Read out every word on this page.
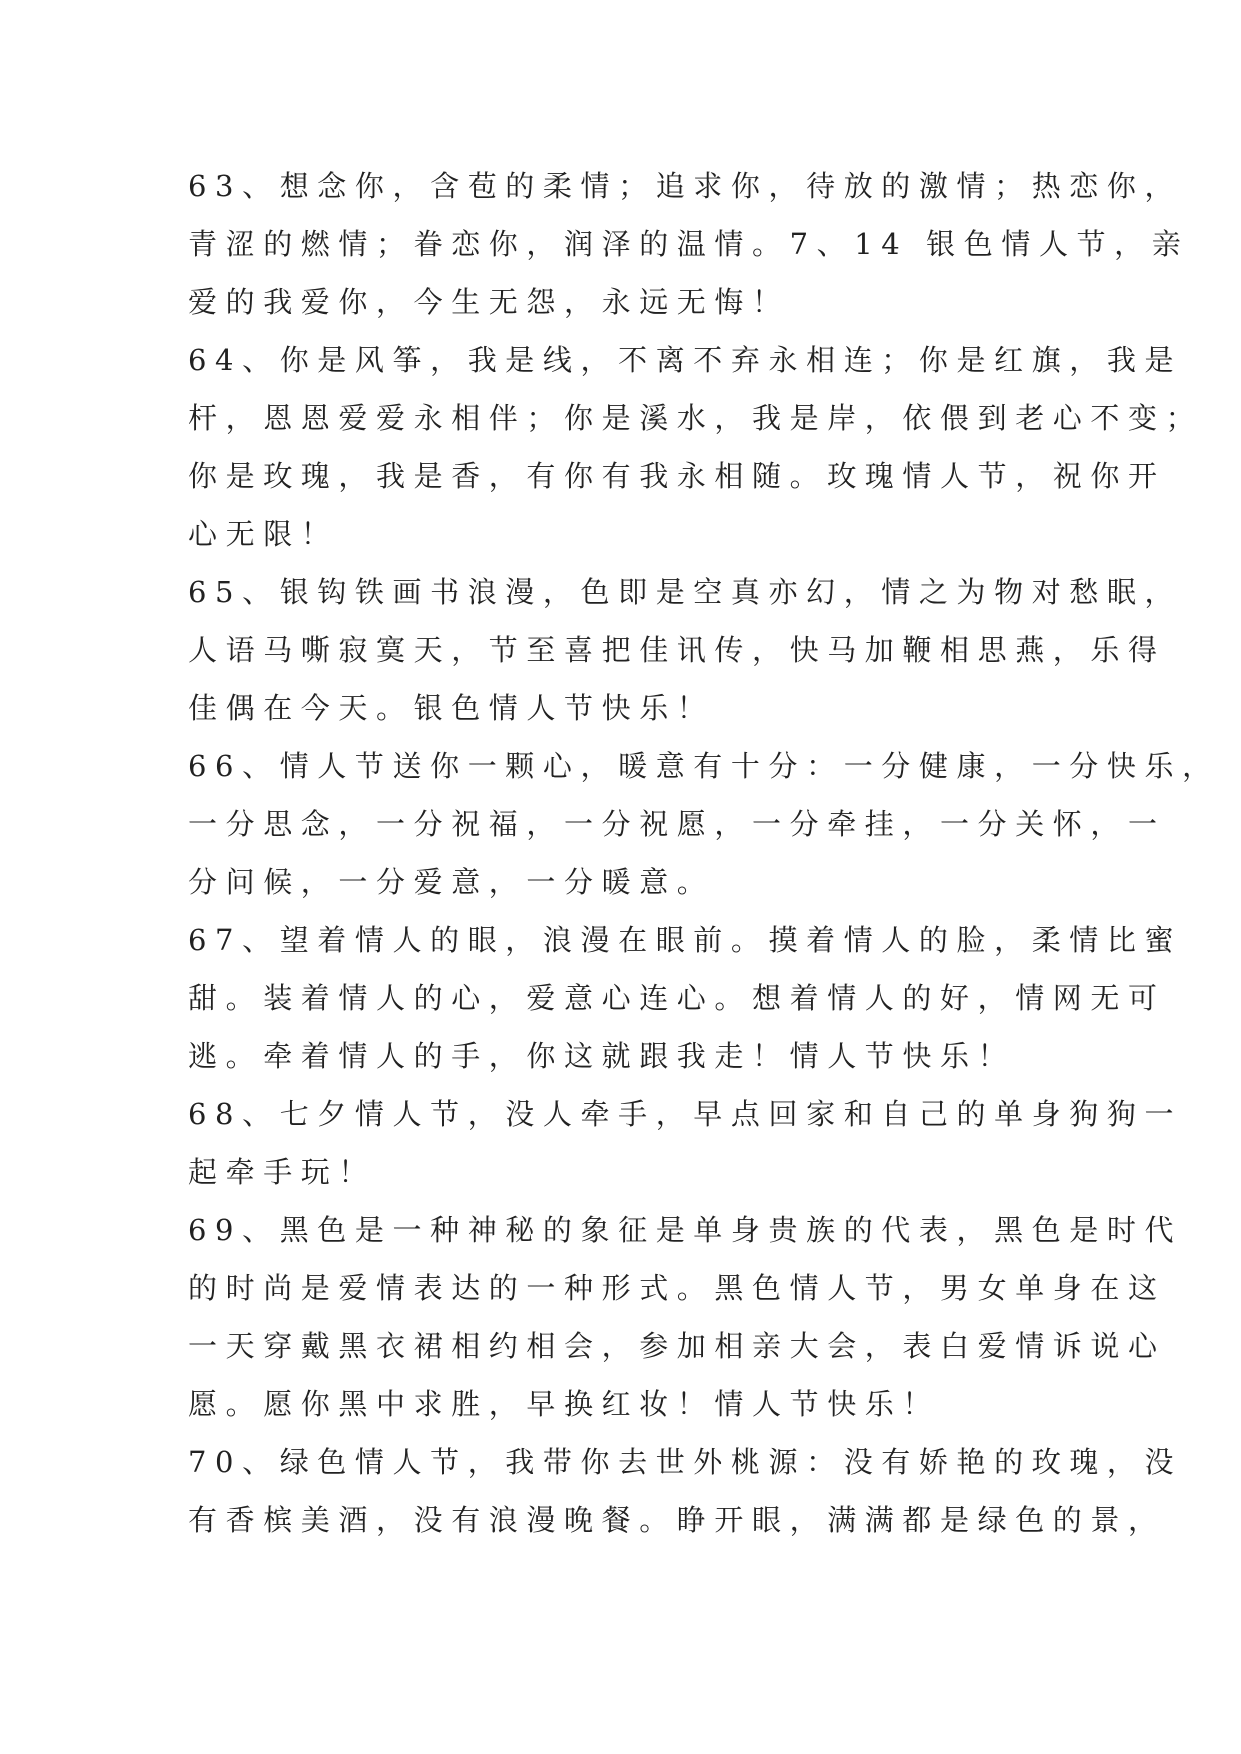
63、想念你，含苞的柔情；追求你，待放的激情；热恋你，

青涩的燃情；眷恋你，润泽的温情。7、14 银色情人节，亲

爱的我爱你，今生无怨，永远无悔！

64、你是风筝，我是线，不离不弃永相连；你是红旗，我是

杆，恩恩爱爱永相伴；你是溪水，我是岸，依偎到老心不变；

你是玫瑰，我是香，有你有我永相随。玫瑰情人节，祝你开

心无限！

65、银钩铁画书浪漫，色即是空真亦幻，情之为物对愁眠，

人语马嘶寂寞天，节至喜把佳讯传，快马加鞭相思燕，乐得

佳偶在今天。银色情人节快乐！

66、情人节送你一颗心，暖意有十分：一分健康，一分快乐，

一分思念，一分祝福，一分祝愿，一分牵挂，一分关怀，一

分问候，一分爱意，一分暖意。

67、望着情人的眼，浪漫在眼前。摸着情人的脸，柔情比蜜

甜。装着情人的心，爱意心连心。想着情人的好，情网无可

逃。牵着情人的手，你这就跟我走！情人节快乐！

68、七夕情人节，没人牵手，早点回家和自己的单身狗狗一

起牵手玩！

69、黑色是一种神秘的象征是单身贵族的代表，黑色是时代

的时尚是爱情表达的一种形式。黑色情人节，男女单身在这

一天穿戴黑衣裙相约相会，参加相亲大会，表白爱情诉说心

愿。愿你黑中求胜，早换红妆！情人节快乐！

70、绿色情人节，我带你去世外桃源：没有娇艳的玫瑰，没

有香槟美酒，没有浪漫晚餐。睁开眼，满满都是绿色的景，
